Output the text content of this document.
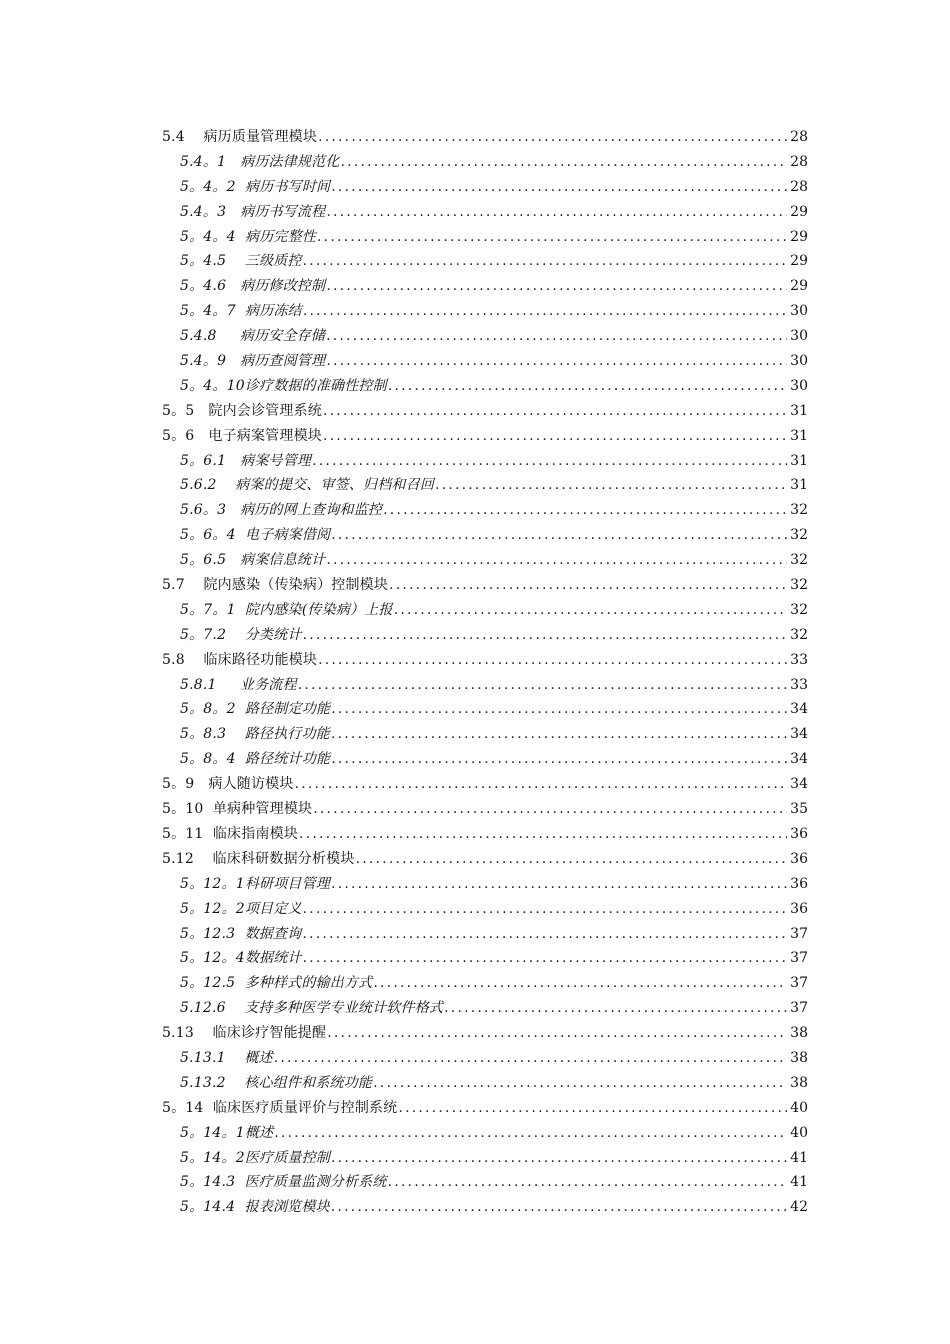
5.4    病历质量管理模块 .....	28
5.4。1   病历法律规范化 .....	28
5。4。2  病历书写时间 .....	28
5.4。3   病历书写流程 .....	29
5。4。4  病历完整性 .....	29
5。4.5    三级质控 .....	29
5。4.6   病历修改控制 .....	29
5。4。7  病历冻结 .....	30
5.4.8     病历安全存储 .....	30
5.4。9   病历查阅管理 .....	30
5。4。10诊疗数据的准确性控制 .....	30
5。5   院内会诊管理系统 .....	31
5。6   电子病案管理模块 .....	31
5。6.1   病案号管理 .....	31
5.6.2    病案的提交、审签、归档和召回 .....	31
5.6。3   病历的网上查询和监控 .....	32
5。6。4  电子病案借阅 .....	32
5。6.5   病案信息统计 .....	32
5.7    院内感染（传染病）控制模块 .....	32
5。7。1  院内感染(传染病）上报 .....	32
5。7.2    分类统计 .....	32
5.8    临床路径功能模块 .....	33
5.8.1     业务流程 .....	33
5。8。2  路径制定功能 .....	34
5。8.3    路径执行功能 .....	34
5。8。4  路径统计功能 .....	34
5。9   病人随访模块 .....	34
5。10  单病种管理模块 .....	35
5。11  临床指南模块 .....	36
5.12    临床科研数据分析模块 .....	36
5。12。1科研项目管理 .....	36
5。12。2项目定义 .....	36
5。12.3  数据查询 .....	37
5。12。4数据统计 .....	37
5。12.5  多种样式的输出方式 .....	37
5.12.6    支持多种医学专业统计软件格式 .....	37
5.13    临床诊疗智能提醒 .....	38
5.13.1    概述 .....	38
5.13.2    核心组件和系统功能 .....	38
5。14  临床医疗质量评价与控制系统 .....	40
5。14。1概述 .....	40
5。14。2医疗质量控制 .....	41
5。14.3  医疗质量监测分析系统 .....	41
5。14.4  报表浏览模块 .....	42
